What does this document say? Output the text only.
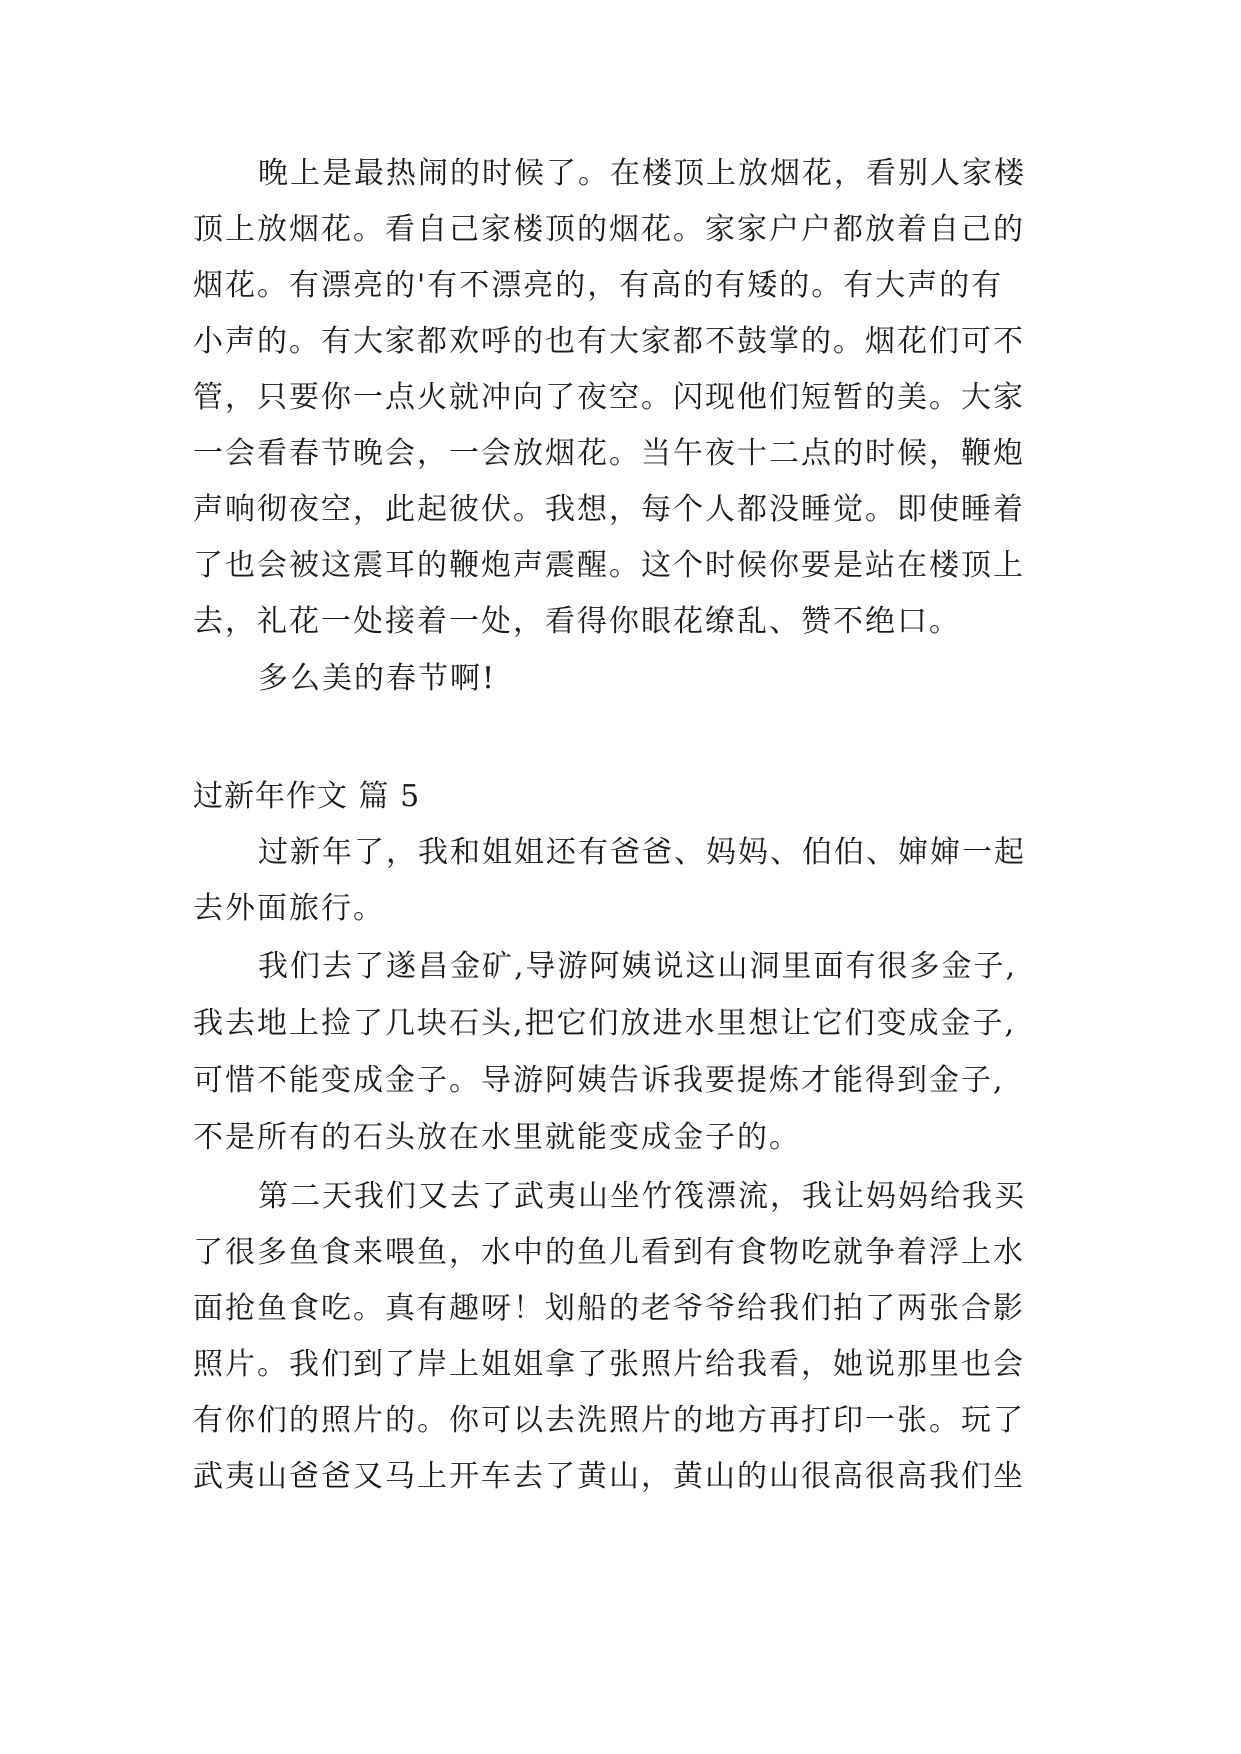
晚上是最热闹的时候了。在楼顶上放烟花，看别人家楼
顶上放烟花。看自己家楼顶的烟花。家家户户都放着自己的
烟花。有漂亮的'有不漂亮的，有高的有矮的。有大声的有
小声的。有大家都欢呼的也有大家都不鼓掌的。烟花们可不
管，只要你一点火就冲向了夜空。闪现他们短暂的美。大家
一会看春节晚会，一会放烟花。当午夜十二点的时候，鞭炮
声响彻夜空，此起彼伏。我想，每个人都没睡觉。即使睡着
了也会被这震耳的鞭炮声震醒。这个时候你要是站在楼顶上
去，礼花一处接着一处，看得你眼花缭乱、赞不绝口。
多么美的春节啊!
过新年作文 篇 5
过新年了，我和姐姐还有爸爸、妈妈、伯伯、婶婶一起
去外面旅行。
我们去了遂昌金矿,导游阿姨说这山洞里面有很多金子,
我去地上捡了几块石头,把它们放进水里想让它们变成金子,
可惜不能变成金子。导游阿姨告诉我要提炼才能得到金子,
不是所有的石头放在水里就能变成金子的。
第二天我们又去了武夷山坐竹筏漂流，我让妈妈给我买
了很多鱼食来喂鱼，水中的鱼儿看到有食物吃就争着浮上水
面抢鱼食吃。真有趣呀！划船的老爷爷给我们拍了两张合影
照片。我们到了岸上姐姐拿了张照片给我看，她说那里也会
有你们的照片的。你可以去洗照片的地方再打印一张。玩了
武夷山爸爸又马上开车去了黄山，黄山的山很高很高我们坐
